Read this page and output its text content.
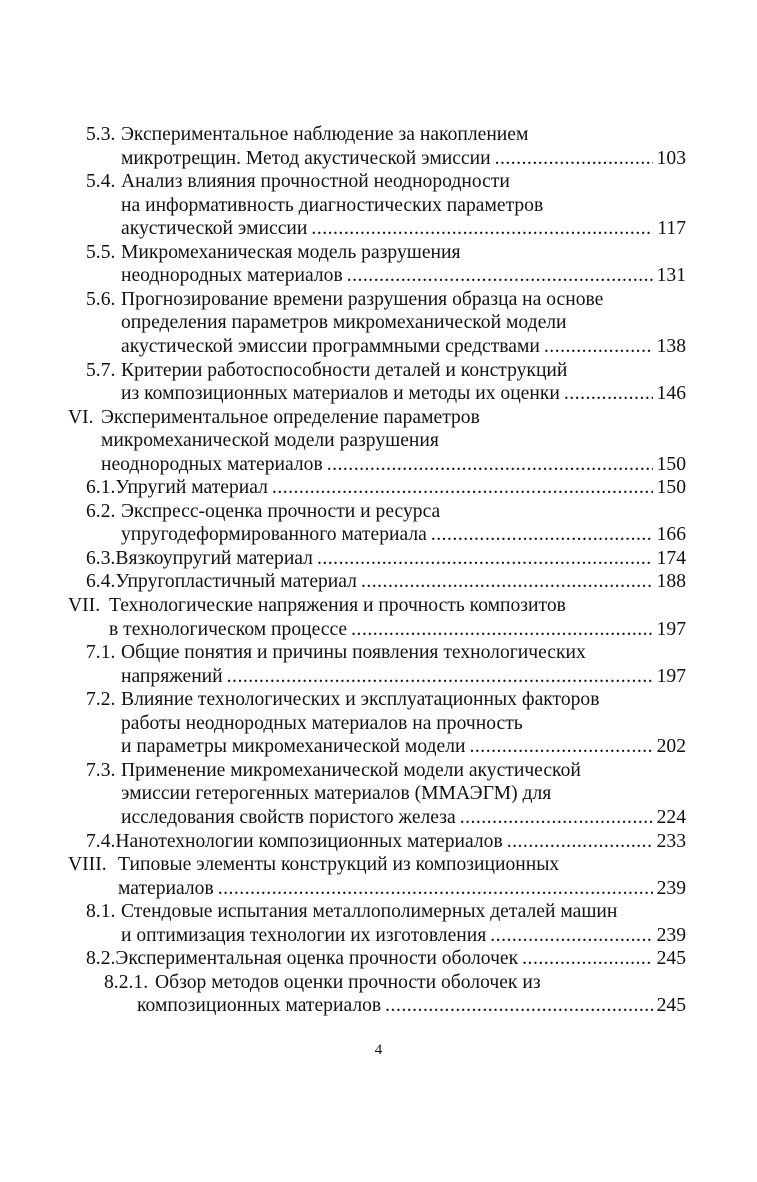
5.3. Экспериментальное наблюдение за накоплением
микротрещин. Метод акустической эмиссии .....	103
5.4. Анализ влияния прочностной неоднородности
на информативность диагностических параметров
акустической эмиссии .....	117
5.5. Микромеханическая модель разрушения
неоднородных материалов .....	131
5.6. Прогнозирование времени разрушения образца на основе
определения параметров микромеханической модели
акустической эмиссии программными средствами .....	138
5.7. Критерии работоспособности деталей и конструкций
из композиционных материалов и методы их оценки .....	146
VI. Экспериментальное определение параметров
микромеханической модели разрушения
неоднородных материалов .....	150
6.1. Упругий материал .....	150
6.2. Экспресс-оценка прочности и ресурса
упругодеформированного материала .....	166
6.3. Вязкоупругий материал .....	174
6.4. Упругопластичный материал .....	188
VII. Технологические напряжения и прочность композитов
в технологическом процессе .....	197
7.1. Общие понятия и причины появления технологических
напряжений .....	197
7.2. Влияние технологических и эксплуатационных факторов
работы неоднородных материалов на прочность
и параметры микромеханической модели .....	202
7.3. Применение микромеханической модели акустической
эмиссии гетерогенных материалов (ММАЭГМ) для
исследования свойств пористого железа .....	224
7.4. Нанотехнологии композиционных материалов .....	233
VIII. Типовые элементы конструкций из композиционных
материалов .....	239
8.1. Стендовые испытания металлополимерных деталей машин
и оптимизация технологии их изготовления .....	239
8.2. Экспериментальная оценка прочности оболочек .....	245
8.2.1. Обзор методов оценки прочности оболочек из
композиционных материалов .....	245
4
